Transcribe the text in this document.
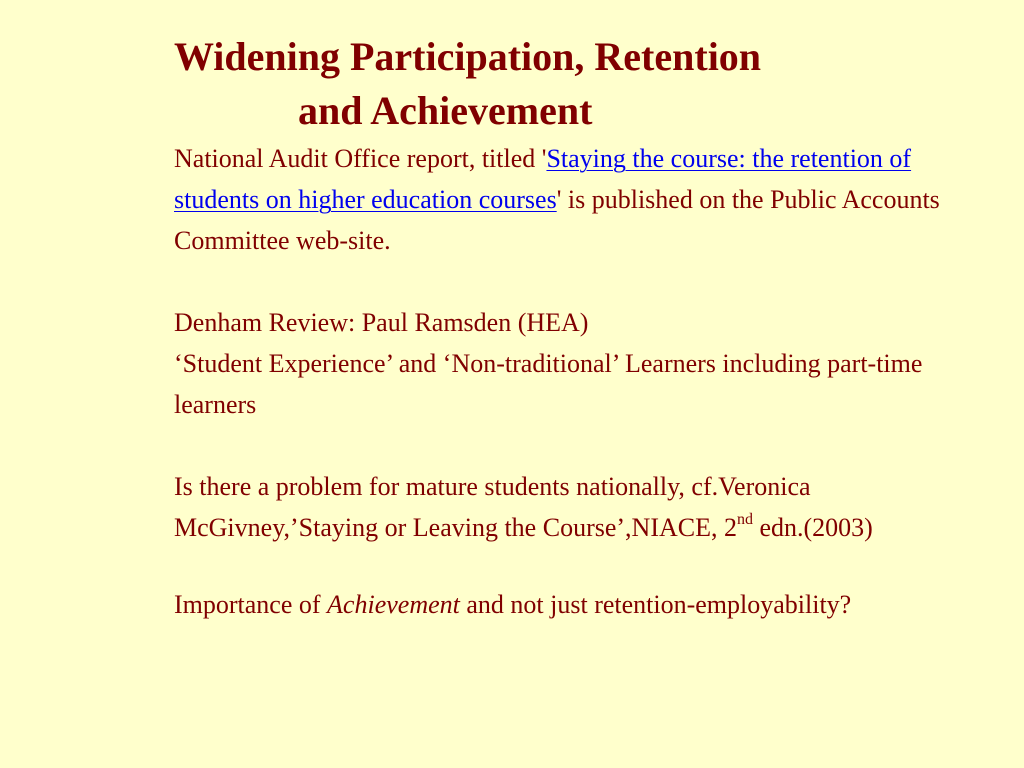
Widening Participation, Retention
and Achievement

National Audit Office report, titled 'Staying the course: the retention of students on higher education courses' is published on the Public Accounts Committee web-site.

Denham Review: Paul Ramsden (HEA)
‘Student Experience’ and ‘Non-traditional’ Learners including part-time learners

Is there a problem for mature students nationally, cf.Veronica McGivney,’Staying or Leaving the Course’,NIACE, 2nd edn.(2003)

Importance of Achievement and not just retention-employability?
